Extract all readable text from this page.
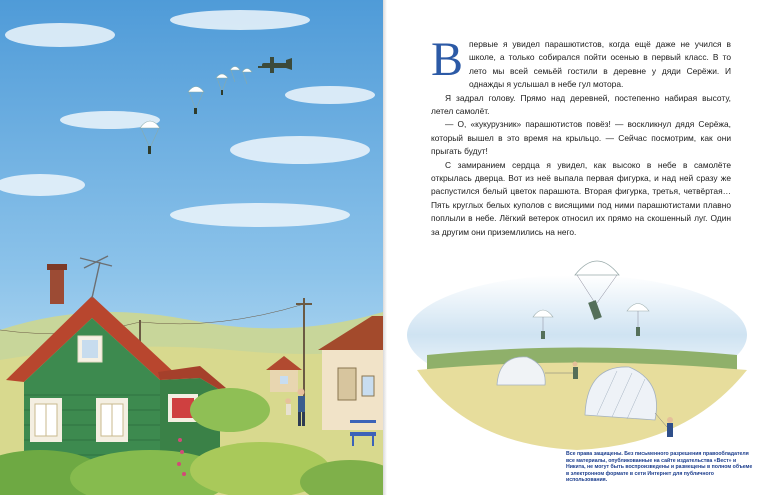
Впервые я увидел парашютистов, когда ещё даже не учился в школе, а только собирался пойти осенью в первый класс. В то лето мы всей семьёй гостили в деревне у дяди Серёжи. И однажды я услышал в небе гул мотора.

Я задрал голову. Прямо над деревней, постепенно набирая высоту, летел самолёт.

— О, «кукурузник» парашютистов повёз! — воскликнул дядя Серёжа, который вышел в это время на крыльцо. — Сейчас посмотрим, как они прыгать будут!

С замиранием сердца я увидел, как высоко в небе в самолёте открылась дверца. Вот из неё выпала первая фигурка, и над ней сразу же распустился белый цветок парашюта. Вторая фигурка, третья, четвёртая… Пять круглых белых куполов с висящими под ними парашютистами плавно поплыли в небе. Лёгкий ветерок относил их прямо на скошенный луг. Один за другим они приземлились на него.

Все права защищены. Без письменного разрешения правообладателя все материалы, опубликованные на сайте издательства «Вест» и Никита, не могут быть воспроизведены и размещены в полном объеме в электронном формате в сети Интернет для публичного использования.
